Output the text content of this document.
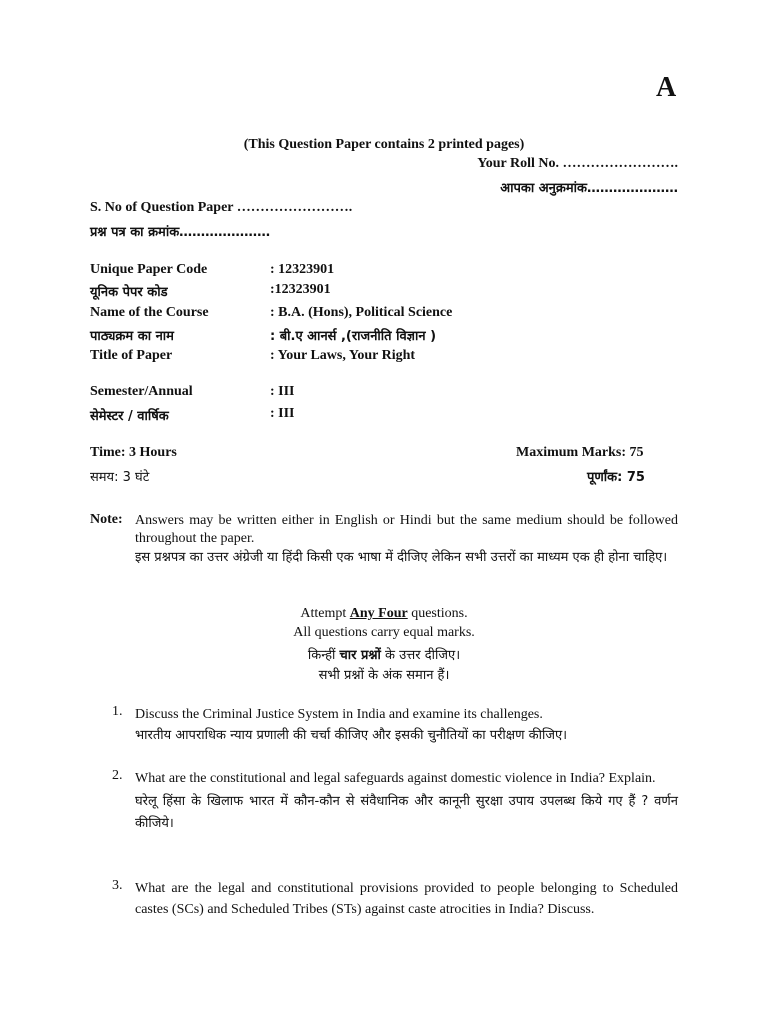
A
(This Question Paper contains 2 printed pages)
Your Roll No. …………………….
आपका अनुक्रमांक…………………
S. No of Question Paper …………………….
प्रश्न पत्र का क्रमांक…………………
Unique Paper Code	: 12323901
यूनिक पेपर कोड	:12323901
Name of the Course	: B.A. (Hons), Political Science
पाठ्यक्रम का नाम	: बी.ए आनर्स ,(राजनीति विज्ञान )
Title of Paper	: Your Laws, Your Right
Semester/Annual	: III
सेमेस्टर / वार्षिक	: III
Time: 3 Hours
समय: 3 घंटे
Maximum Marks: 75
पूर्णांक: 75
Note: Answers may be written either in English or Hindi but the same medium should be followed throughout the paper.
इस प्रश्नपत्र का उत्तर अंग्रेजी या हिंदी किसी एक भाषा में दीजिए लेकिन सभी उत्तरों का माध्यम एक ही होना चाहिए।
Attempt Any Four questions.
All questions carry equal marks.
किन्हीं चार प्रश्नों के उत्तर दीजिए।
सभी प्रश्नों के अंक समान हैं।
1. Discuss the Criminal Justice System in India and examine its challenges.
भारतीय आपराधिक न्याय प्रणाली की चर्चा कीजिए और इसकी चुनौतियों का परीक्षण कीजिए।
2. What are the constitutional and legal safeguards against domestic violence in India? Explain.
घरेलू हिंसा के खिलाफ भारत में कौन-कौन से संवैधानिक और कानूनी सुरक्षा उपाय उपलब्ध किये गए हैं ? वर्णन कीजिये।
3. What are the legal and constitutional provisions provided to people belonging to Scheduled castes (SCs) and Scheduled Tribes (STs) against caste atrocities in India? Discuss.
